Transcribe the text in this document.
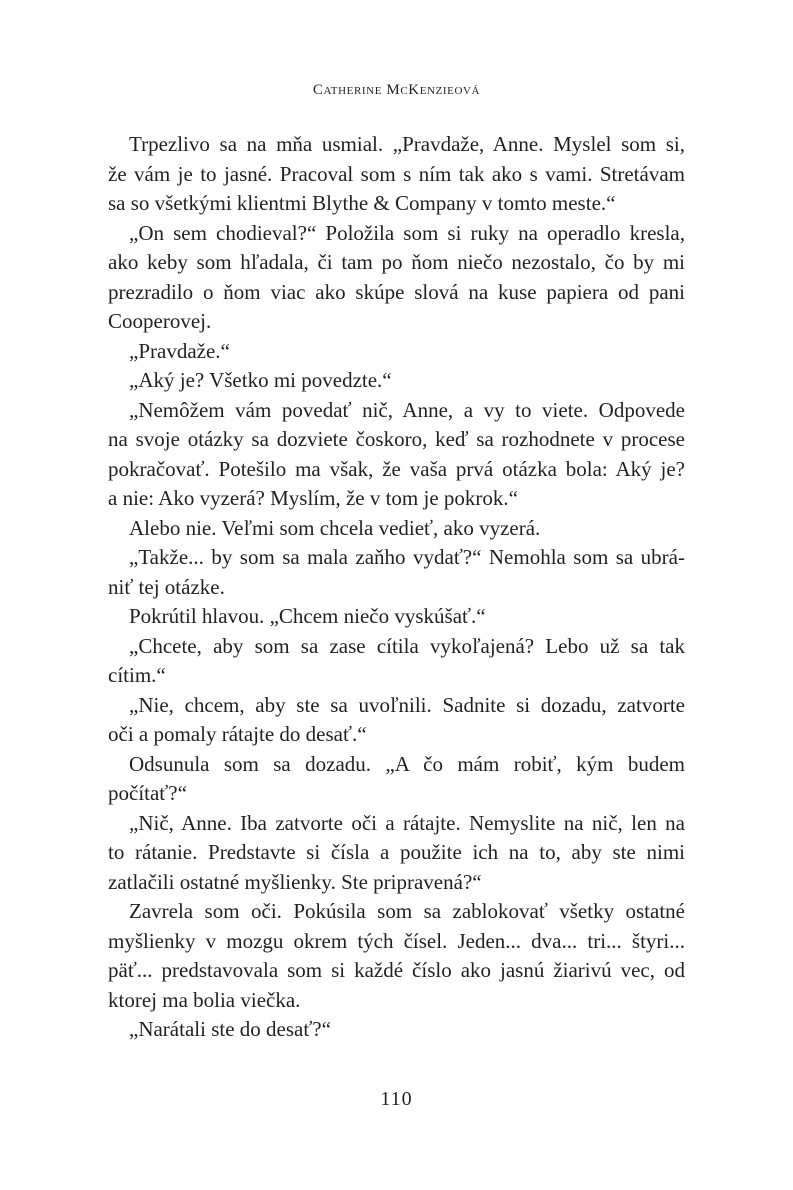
Catherine McKenzieová
Trpezlivo sa na mňa usmial. „Pravdaže, Anne. Myslel som si,
že vám je to jasné. Pracoval som s ním tak ako s vami. Stretávam
sa so všetkými klientmi Blythe & Company v tomto meste.“
„On sem chodieval?“ Položila som si ruky na operadlo kresla,
ako keby som hľadala, či tam po ňom niečo nezostalo, čo by mi
prezradilo o ňom viac ako skúpe slová na kuse papiera od pani
Cooperovej.
„Pravdaže.“
„Aký je? Všetko mi povedzte.“
„Nemôžem vám povedať nič, Anne, a vy to viete. Odpovede
na svoje otázky sa dozviete čoskoro, keď sa rozhodnete v procese
pokračovať. Potešilo ma však, že vaša prvá otázka bola: Aký je?
a nie: Ako vyzerá? Myslím, že v tom je pokrok.“
Alebo nie. Veľmi som chcela vedieť, ako vyzerá.
„Takže... by som sa mala zaňho vydať?“ Nemohla som sa ubrá-
niť tej otázke.
Pokrútil hlavou. „Chcem niečo vyskúšať.“
„Chcete, aby som sa zase cítila vykoľajená? Lebo už sa tak
cítim.“
„Nie, chcem, aby ste sa uvoľnili. Sadnite si dozadu, zatvorte
oči a pomaly rátajte do desať.“
Odsunula som sa dozadu. „A čo mám robiť, kým budem
počítať?“
„Nič, Anne. Iba zatvorte oči a rátajte. Nemyslite na nič, len na
to rátanie. Predstavte si čísla a použite ich na to, aby ste nimi
zatlačili ostatné myšlienky. Ste pripravená?“
Zavrela som oči. Pokúsila som sa zablokovať všetky ostatné
myšlienky v mozgu okrem tých čísel. Jeden... dva... tri... štyri...
päť... predstavovala som si každé číslo ako jasnú žiarivú vec, od
ktorej ma bolia viečka.
„Narátali ste do desať?“
110
